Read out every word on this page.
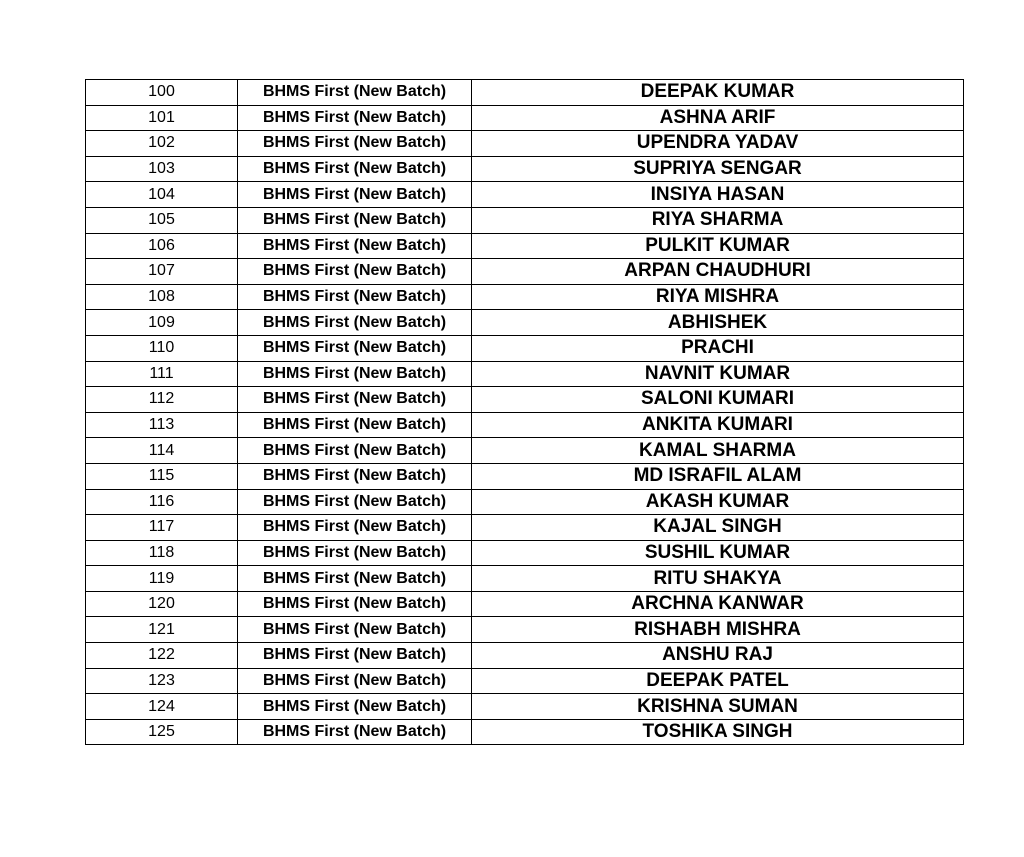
100	BHMS First (New Batch)	DEEPAK KUMAR
101	BHMS First (New Batch)	ASHNA ARIF
102	BHMS First (New Batch)	UPENDRA YADAV
103	BHMS First (New Batch)	SUPRIYA SENGAR
104	BHMS First (New Batch)	INSIYA HASAN
105	BHMS First (New Batch)	RIYA SHARMA
106	BHMS First (New Batch)	PULKIT KUMAR
107	BHMS First (New Batch)	ARPAN CHAUDHURI
108	BHMS First (New Batch)	RIYA MISHRA
109	BHMS First (New Batch)	ABHISHEK
110	BHMS First (New Batch)	PRACHI
111	BHMS First (New Batch)	NAVNIT KUMAR
112	BHMS First (New Batch)	SALONI KUMARI
113	BHMS First (New Batch)	ANKITA KUMARI
114	BHMS First (New Batch)	KAMAL SHARMA
115	BHMS First (New Batch)	MD ISRAFIL ALAM
116	BHMS First (New Batch)	AKASH KUMAR
117	BHMS First (New Batch)	KAJAL SINGH
118	BHMS First (New Batch)	SUSHIL KUMAR
119	BHMS First (New Batch)	RITU SHAKYA
120	BHMS First (New Batch)	ARCHNA KANWAR
121	BHMS First (New Batch)	RISHABH MISHRA
122	BHMS First (New Batch)	ANSHU RAJ
123	BHMS First (New Batch)	DEEPAK PATEL
124	BHMS First (New Batch)	KRISHNA SUMAN
125	BHMS First (New Batch)	TOSHIKA SINGH
